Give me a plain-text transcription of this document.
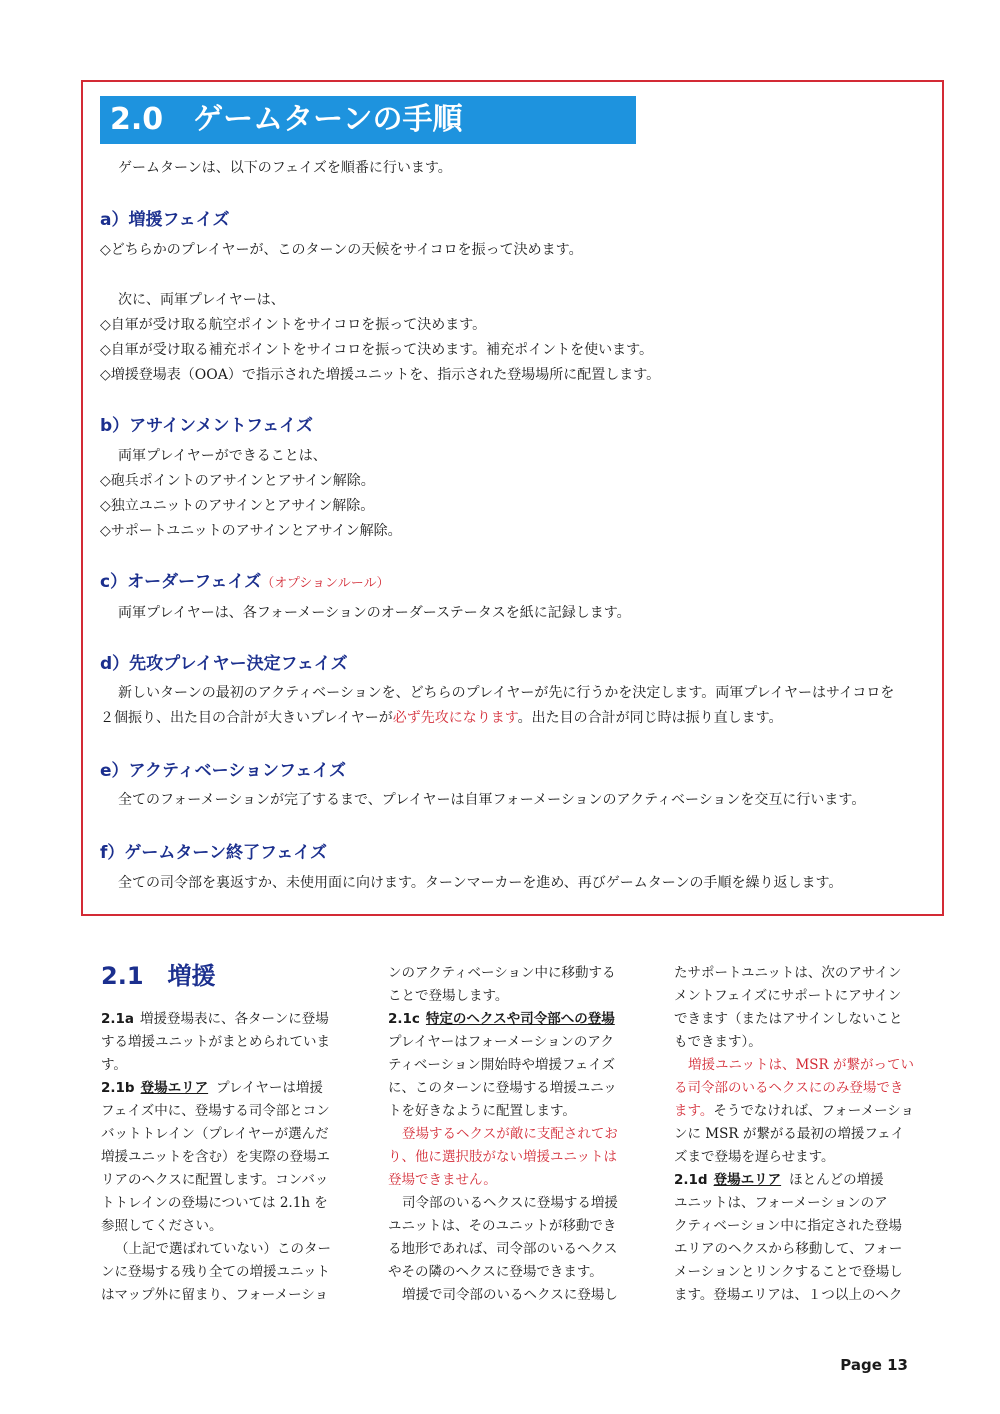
2.0　ゲームターンの手順
ゲームターンは、以下のフェイズを順番に行います。
a）増援フェイズ
◇どちらかのプレイヤーが、このターンの天候をサイコロを振って決めます。
次に、両軍プレイヤーは、
◇自軍が受け取る航空ポイントをサイコロを振って決めます。
◇自軍が受け取る補充ポイントをサイコロを振って決めます。補充ポイントを使います。
◇増援登場表（OOA）で指示された増援ユニットを、指示された登場場所に配置します。
b）アサインメントフェイズ
両軍プレイヤーができることは、
◇砲兵ポイントのアサインとアサイン解除。
◇独立ユニットのアサインとアサイン解除。
◇サポートユニットのアサインとアサイン解除。
c）オーダーフェイズ（オプションルール）
両軍プレイヤーは、各フォーメーションのオーダーステータスを紙に記録します。
d）先攻プレイヤー決定フェイズ
新しいターンの最初のアクティベーションを、どちらのプレイヤーが先に行うかを決定します。両軍プレイヤーはサイコロを
２個振り、出た目の合計が大きいプレイヤーが必ず先攻になります。出た目の合計が同じ時は振り直します。
e）アクティベーションフェイズ
全てのフォーメーションが完了するまで、プレイヤーは自軍フォーメーションのアクティベーションを交互に行います。
f）ゲームターン終了フェイズ
全ての司令部を裏返すか、未使用面に向けます。ターンマーカーを進め、再びゲームターンの手順を繰り返します。
2.1　増援
2.1a 増援登場表に、各ターンに登場
する増援ユニットがまとめられていま
す。
2.1b 登場エリア プレイヤーは増援
フェイズ中に、登場する司令部とコン
バットトレイン（プレイヤーが選んだ
増援ユニットを含む）を実際の登場エ
リアのヘクスに配置します。コンバッ
トトレインの登場については 2.1h を
参照してください。
（上記で選ばれていない）このター
ンに登場する残り全ての増援ユニット
はマップ外に留まり、フォーメーショ
ンのアクティベーション中に移動する
ことで登場します。
2.1c 特定のヘクスや司令部への登場
プレイヤーはフォーメーションのアク
ティベーション開始時や増援フェイズ
に、このターンに登場する増援ユニッ
トを好きなように配置します。
登場するヘクスが敵に支配されてお
り、他に選択肢がない増援ユニットは
登場できません。
司令部のいるヘクスに登場する増援
ユニットは、そのユニットが移動でき
る地形であれば、司令部のいるヘクス
やその隣のヘクスに登場できます。
増援で司令部のいるヘクスに登場し
たサポートユニットは、次のアサイン
メントフェイズにサポートにアサイン
できます（またはアサインしないこと
もできます）。
増援ユニットは、MSR が繋がってい
る司令部のいるヘクスにのみ登場でき
ます。そうでなければ、フォーメーショ
ンに MSR が繋がる最初の増援フェイ
ズまで登場を遅らせます。
2.1d 登場エリア ほとんどの増援
ユニットは、フォーメーションのア
クティベーション中に指定された登場
エリアのヘクスから移動して、フォー
メーションとリンクすることで登場し
ます。登場エリアは、１つ以上のヘク
Page 13
